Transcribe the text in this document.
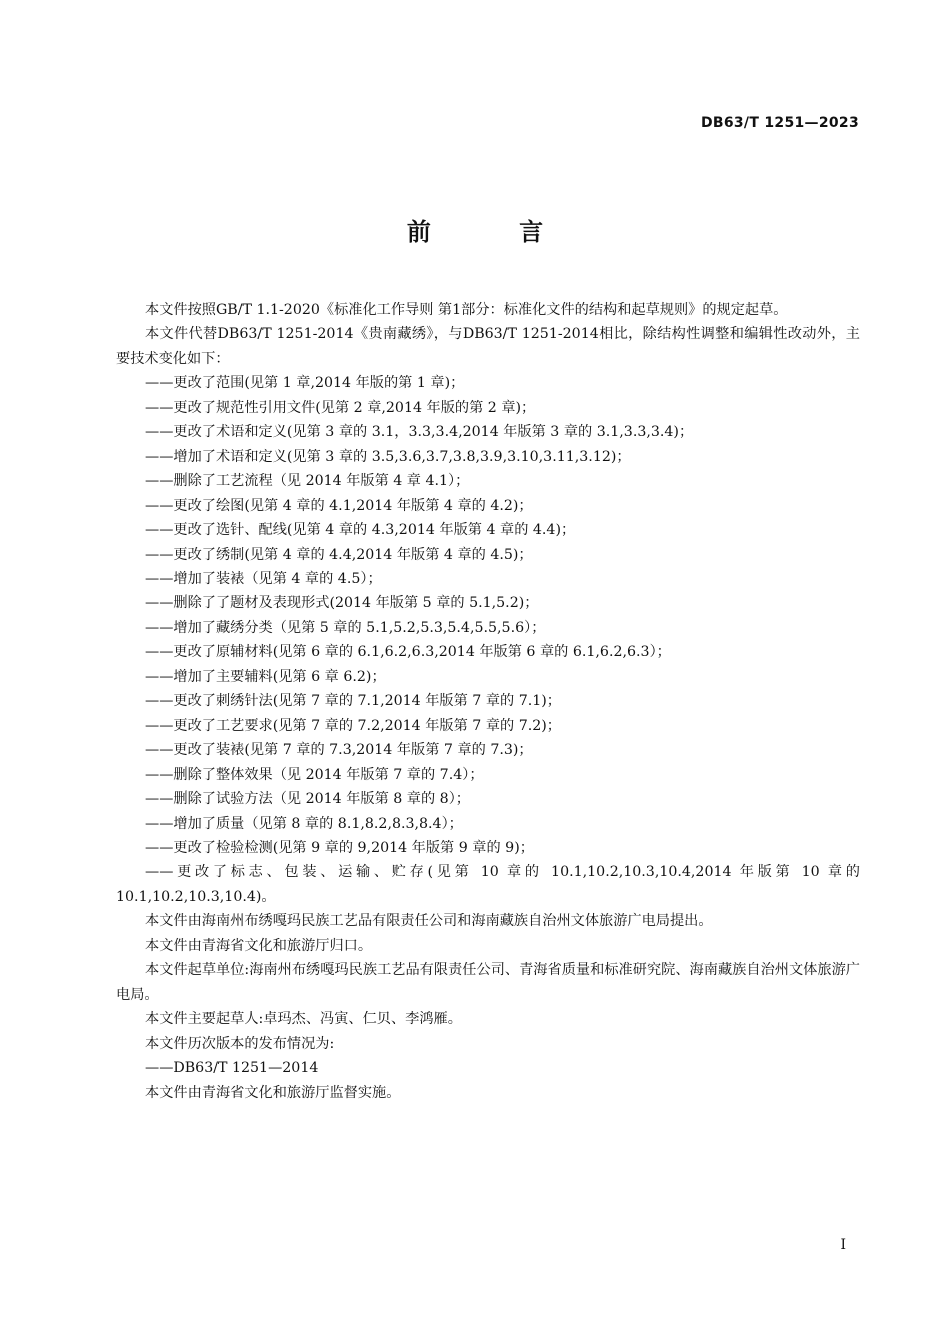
DB63/T 1251—2023
前 言

本文件按照GB/T 1.1-2020《标准化工作导则 第1部分：标准化文件的结构和起草规则》的规定起草。

本文件代替DB63/T 1251-2014《贵南藏绣》，与DB63/T 1251-2014相比，除结构性调整和编辑性改动外，主要技术变化如下：

——更改了范围(见第 1 章,2014 年版的第 1 章)；

——更改了规范性引用文件(见第 2 章,2014 年版的第 2 章)；

——更改了术语和定义(见第 3 章的 3.1，3.3,3.4,2014 年版第 3 章的 3.1,3.3,3.4)；

——增加了术语和定义(见第 3 章的 3.5,3.6,3.7,3.8,3.9,3.10,3.11,3.12)；

——删除了工艺流程（见 2014 年版第 4 章 4.1）；

——更改了绘图(见第 4 章的 4.1,2014 年版第 4 章的 4.2)；

——更改了选针、配线(见第 4 章的 4.3,2014 年版第 4 章的 4.4)；

——更改了绣制(见第 4 章的 4.4,2014 年版第 4 章的 4.5)；

——增加了装裱（见第 4 章的 4.5）；

——删除了了题材及表现形式(2014 年版第 5 章的 5.1,5.2)；

——增加了藏绣分类（见第 5 章的 5.1,5.2,5.3,5.4,5.5,5.6）；

——更改了原辅材料(见第 6 章的 6.1,6.2,6.3,2014 年版第 6 章的 6.1,6.2,6.3）；

——增加了主要辅料(见第 6 章 6.2)；

——更改了刺绣针法(见第 7 章的 7.1,2014 年版第 7 章的 7.1)；

——更改了工艺要求(见第 7 章的 7.2,2014 年版第 7 章的 7.2)；

——更改了装裱(见第 7 章的 7.3,2014 年版第 7 章的 7.3)；

——删除了整体效果（见 2014 年版第 7 章的 7.4）；

——删除了试验方法（见 2014 年版第 8 章的 8）；

——增加了质量（见第 8 章的 8.1,8.2,8.3,8.4）；

——更改了检验检测(见第 9 章的 9,2014 年版第 9 章的 9)；

——更改了标志、包装、运输、贮存(见第 10 章的 10.1,10.2,10.3,10.4,2014 年版第 10 章的 10.1,10.2,10.3,10.4)。

本文件由海南州布绣嘎玛民族工艺品有限责任公司和海南藏族自治州文体旅游广电局提出。

本文件由青海省文化和旅游厅归口。

本文件起草单位:海南州布绣嘎玛民族工艺品有限责任公司、青海省质量和标准研究院、海南藏族自治州文体旅游广电局。

本文件主要起草人:卓玛杰、冯寅、仁贝、李鸿雁。

本文件历次版本的发布情况为:

——DB63/T 1251—2014

本文件由青海省文化和旅游厅监督实施。

I
